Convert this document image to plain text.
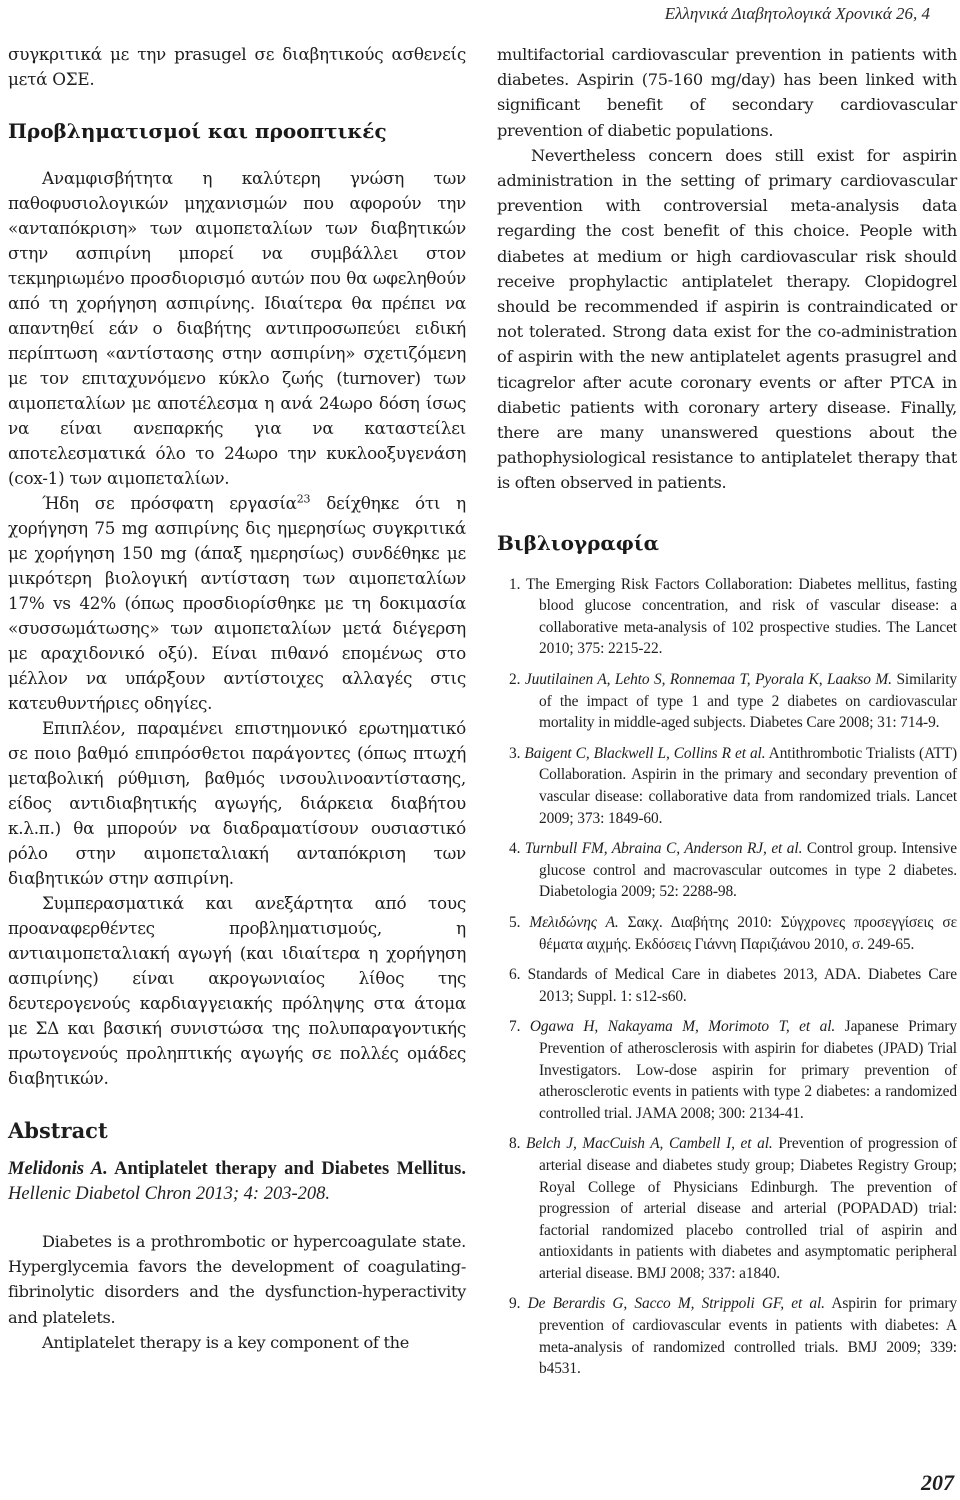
Ελληνικά Διαβητολογικά Χρονικά 26, 4

συγκριτικά με την prasugel σε διαβητικούς ασθενείς μετά ΟΣΕ.

Προβληματισμοί και προοπτικές

Αναμφισβήτητα η καλύτερη γνώση των παθοφυσιολογικών μηχανισμών που αφορούν την «ανταπόκριση» των αιμοπεταλίων των διαβητικών στην ασπιρίνη μπορεί να συμβάλλει στον τεκμηριωμένο προσδιορισμό αυτών που θα ωφεληθούν από τη χορήγηση ασπιρίνης. Ιδιαίτερα θα πρέπει να απαντηθεί εάν ο διαβήτης αντιπροσωπεύει ειδική περίπτωση «αντίστασης στην ασπιρίνη» σχετιζόμενη με τον επιταχυνόμενο κύκλο ζωής (turnover) των αιμοπεταλίων με αποτέλεσμα η ανά 24ωρο δόση ίσως να είναι ανεπαρκής για να καταστείλει αποτελεσματικά όλο το 24ωρο την κυκλοοξυγενάση (cox-1) των αιμοπεταλίων.

Ήδη σε πρόσφατη εργασία$^{23}$ δείχθηκε ότι η χορήγηση 75 mg ασπιρίνης δις ημερησίως συγκριτικά με χορήγηση 150 mg (άπαξ ημερησίως) συνδέθηκε με μικρότερη βιολογική αντίσταση των αιμοπεταλίων 17% vs 42% (όπως προσδιορίσθηκε με τη δοκιμασία «συσσωμάτωσης» των αιμοπεταλίων μετά διέγερση με αραχιδονικό οξύ). Είναι πιθανό επομένως στο μέλλον να υπάρξουν αντίστοιχες αλλαγές στις κατευθυντήριες οδηγίες.

Επιπλέον, παραμένει επιστημονικό ερωτηματικό σε ποιο βαθμό επιπρόσθετοι παράγοντες (όπως πτωχή μεταβολική ρύθμιση, βαθμός ινσουλινοαντίστασης, είδος αντιδιαβητικής αγωγής, διάρκεια διαβήτου κ.λ.π.) θα μπορούν να διαδραματίσουν ουσιαστικό ρόλο στην αιμοπεταλιακή ανταπόκριση των διαβητικών στην ασπιρίνη.

Συμπερασματικά και ανεξάρτητα από τους προαναφερθέντες προβληματισμούς, η αντιαιμοπεταλιακή αγωγή (και ιδιαίτερα η χορήγηση ασπιρίνης) είναι ακρογωνιαίος λίθος της δευτερογενούς καρδιαγγειακής πρόληψης στα άτομα με ΣΔ και βασική συνιστώσα της πολυπαραγοντικής πρωτογενούς προληπτικής αγωγής σε πολλές ομάδες διαβητικών.

Abstract

Melidonis A. Antiplatelet therapy and Diabetes Mellitus. Hellenic Diabetol Chron 2013; 4: 203-208.

Diabetes is a prothrombotic or hypercoagulate state. Hyperglycemia favors the development of coagulating-fibrinolytic disorders and the dysfunction-hyperactivity and platelets.

Antiplatelet therapy is a key component of the

multifactorial cardiovascular prevention in patients with diabetes. Aspirin (75-160 mg/day) has been linked with significant benefit of secondary cardiovascular prevention of diabetic populations.

Nevertheless concern does still exist for aspirin administration in the setting of primary cardiovascular prevention with controversial meta-analysis data regarding the cost benefit of this choice. People with diabetes at medium or high cardiovascular risk should receive prophylactic antiplatelet therapy. Clopidogrel should be recommended if aspirin is contraindicated or not tolerated. Strong data exist for the co-administration of aspirin with the new antiplatelet agents prasugrel and ticagrelor after acute coronary events or after PTCA in diabetic patients with coronary artery disease. Finally, there are many unanswered questions about the pathophysiological resistance to antiplatelet therapy that is often observed in patients.

Βιβλιογραφία
1. The Emerging Risk Factors Collaboration: Diabetes mellitus, fasting blood glucose concentration, and risk of vascular disease: a collaborative meta-analysis of 102 prospective studies. The Lancet 2010; 375: 2215-22.
2. Juutilainen A, Lehto S, Ronnemaa T, Pyorala K, Laakso M. Similarity of the impact of type 1 and type 2 diabetes on cardiovascular mortality in middle-aged subjects. Diabetes Care 2008; 31: 714-9.
3. Baigent C, Blackwell L, Collins R et al. Antithrombotic Trialists (ATT) Collaboration. Aspirin in the primary and secondary prevention of vascular disease: collaborative data from randomized trials. Lancet 2009; 373: 1849-60.
4. Turnbull FM, Abraina C, Anderson RJ, et al. Control group. Intensive glucose control and macrovascular outcomes in type 2 diabetes. Diabetologia 2009; 52: 2288-98.
5. Μελιδώνης Α. Σακχ. Διαβήτης 2010: Σύγχρονες προσεγγίσεις σε θέματα αιχμής. Εκδόσεις Γιάννη Παριζιάνου 2010, σ. 249-65.
6. Standards of Medical Care in diabetes 2013, ADA. Diabetes Care 2013; Suppl. 1: s12-s60.
7. Ogawa H, Nakayama M, Morimoto T, et al. Japanese Primary Prevention of atherosclerosis with aspirin for diabetes (JPAD) Trial Investigators. Low-dose aspirin for primary prevention of atherosclerotic events in patients with type 2 diabetes: a randomized controlled trial. JAMA 2008; 300: 2134-41.
8. Belch J, MacCuish A, Cambell I, et al. Prevention of progression of arterial disease and diabetes study group; Diabetes Registry Group; Royal College of Physicians Edinburgh. The prevention of progression of arterial disease and arterial (POPADAD) trial: factorial randomized placebo controlled trial of aspirin and antioxidants in patients with diabetes and asymptomatic peripheral arterial disease. BMJ 2008; 337: a1840.
9. De Berardis G, Sacco M, Strippoli GF, et al. Aspirin for primary prevention of cardiovascular events in patients with diabetes: A meta-analysis of randomized controlled trials. BMJ 2009; 339: b4531.
207
